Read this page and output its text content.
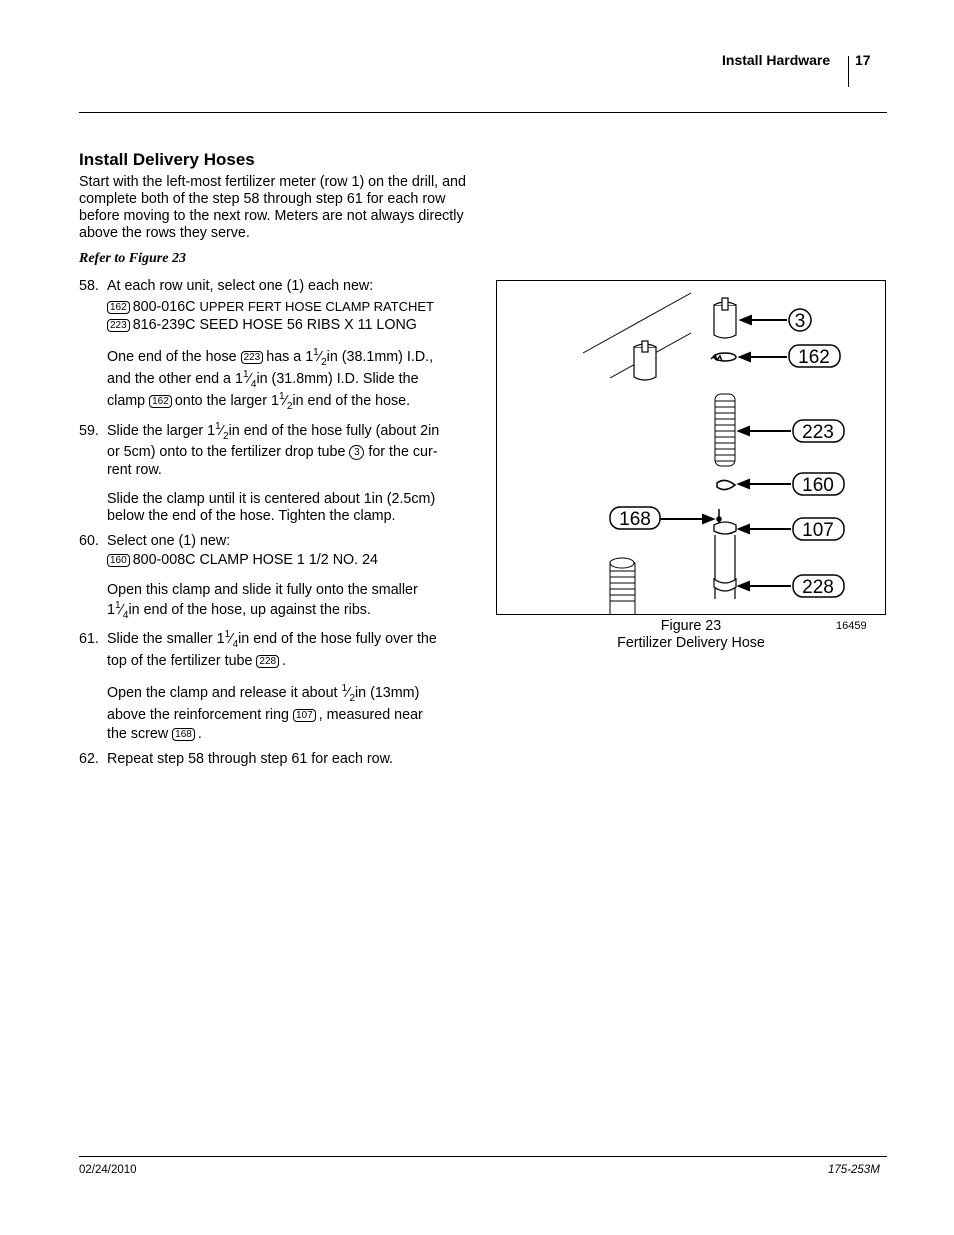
Install Hardware 17
Install Delivery Hoses
Start with the left-most fertilizer meter (row 1) on the drill, and complete both of the step 58 through step 61 for each row before moving to the next row. Meters are not always directly above the rows they serve.
Refer to Figure 23
58. At each row unit, select one (1) each new:
162 800-016C UPPER FERT HOSE CLAMP RATCHET
223 816-239C SEED HOSE 56 RIBS X 11 LONG
One end of the hose 223 has a $1^1⁄_2in$ (38.1mm) I.D.,
and the other end a $1^1⁄_4in$ (31.8mm) I.D. Slide the
clamp 162 onto the larger $1^1⁄_2in$ end of the hose.
59. Slide the larger $1^1⁄_2in$ end of the hose fully (about 2in
or 5cm) onto to the fertilizer drop tube 3 for the cur-
rent row.
Slide the clamp until it is centered about 1in (2.5cm)
below the end of the hose. Tighten the clamp.
60. Select one (1) new:
160 800-008C CLAMP HOSE 1 1/2 NO. 24
Open this clamp and slide it fully onto the smaller
$1^1⁄_4in$ end of the hose, up against the ribs.
61. Slide the smaller $1^1⁄_4in$ end of the hose fully over the
top of the fertilizer tube 228 .
Open the clamp and release it about $^1⁄_2in$ (13mm)
above the reinforcement ring 107 , measured near
the screw 168 .
62. Repeat step 58 through step 61 for each row.
3
162
223
160
168
107
228
Figure 23
Fertilizer Delivery Hose
16459
02/24/2010	175-253M
